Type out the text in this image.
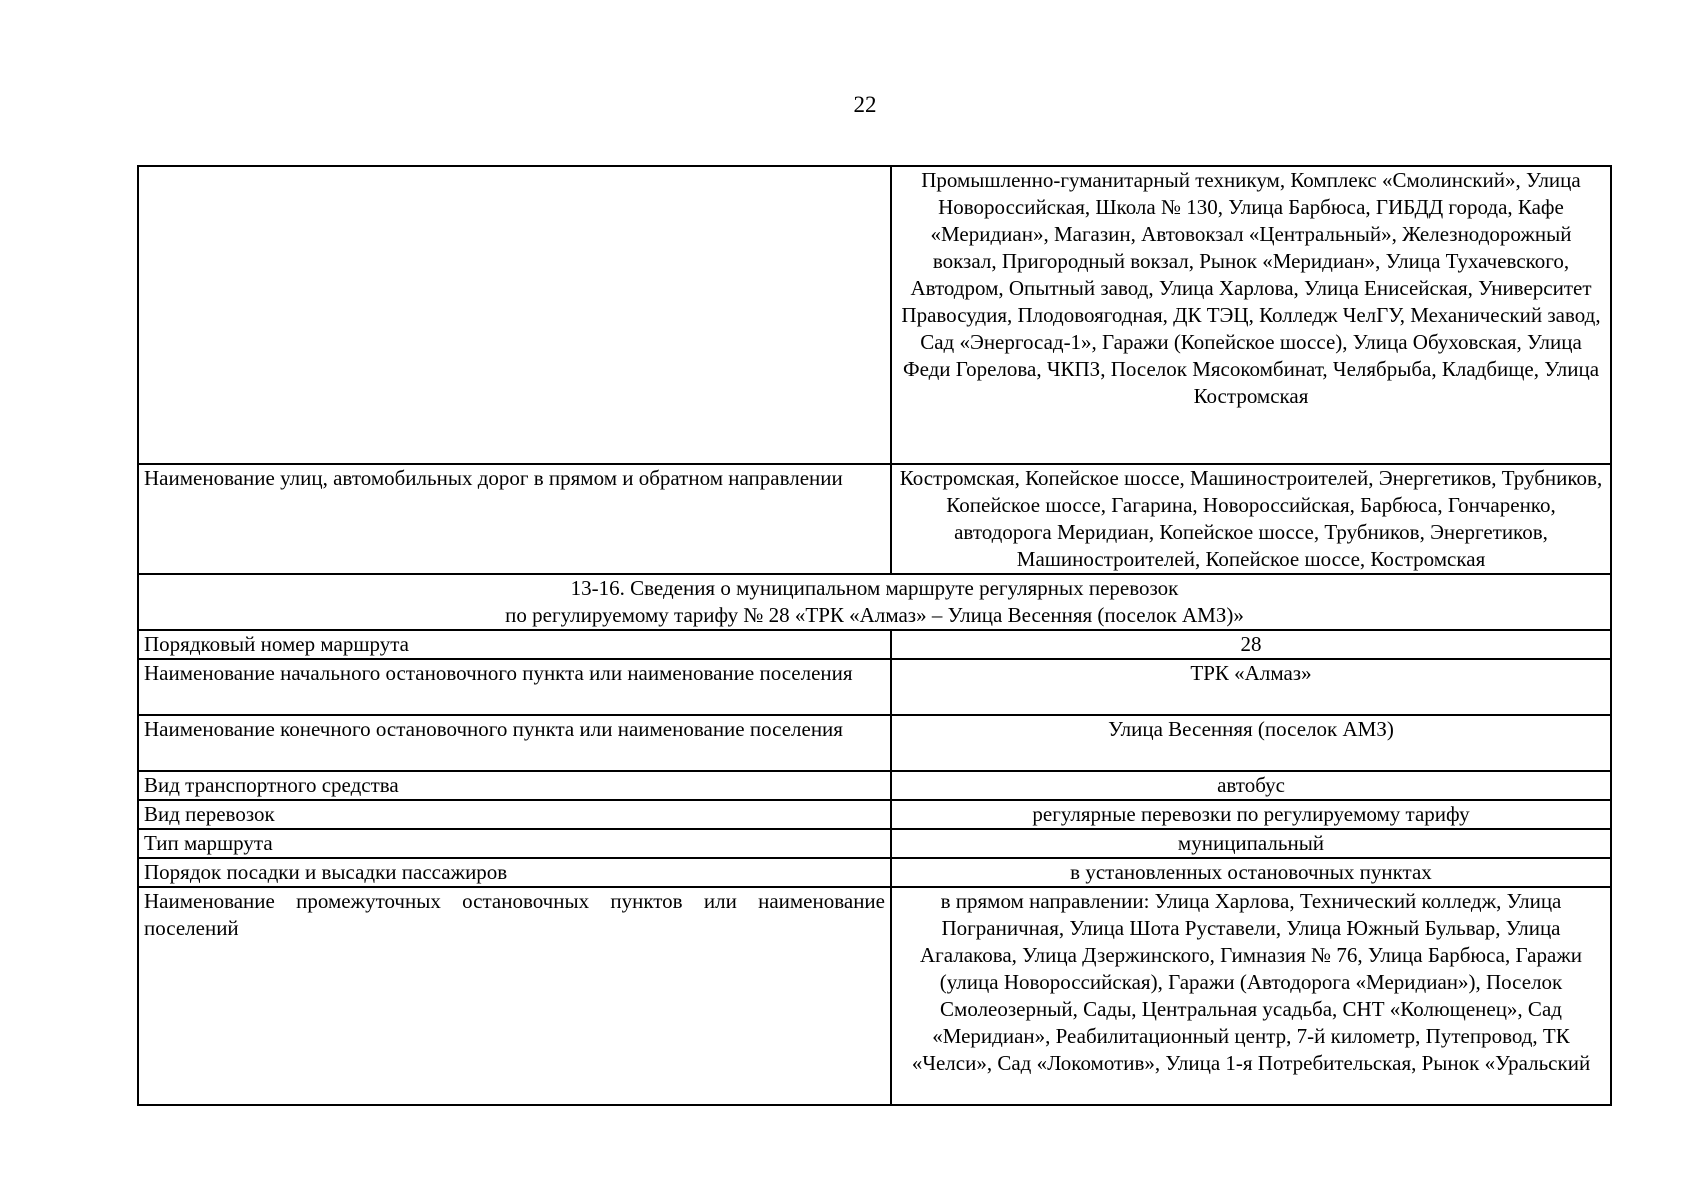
22
	Промышленно-гуманитарный техникум, Комплекс «Смолинский», Улица Новороссийская, Школа № 130, Улица Барбюса, ГИБДД города, Кафе «Меридиан», Магазин, Автовокзал «Центральный», Железнодорожный вокзал, Пригородный вокзал, Рынок «Меридиан», Улица Тухачевского, Автодром, Опытный завод, Улица Харлова, Улица Енисейская, Университет Правосудия, Плодовоягодная, ДК ТЭЦ, Колледж ЧелГУ, Механический завод, Сад «Энергосад-1», Гаражи (Копейское шоссе), Улица Обуховская, Улица Феди Горелова, ЧКПЗ, Поселок Мясокомбинат, Челябрыба, Кладбище, Улица Костромская
Наименование улиц, автомобильных дорог в прямом и обратном направлении	Костромская, Копейское шоссе, Машиностроителей, Энергетиков, Трубников, Копейское шоссе, Гагарина, Новороссийская, Барбюса, Гончаренко, автодорога Меридиан, Копейское шоссе, Трубников, Энергетиков, Машиностроителей, Копейское шоссе, Костромская

13-16. Сведения о муниципальном маршруте регулярных перевозок
по регулируемому тарифу № 28 «ТРК «Алмаз» – Улица Весенняя (поселок АМЗ)»	

Порядковый номер маршрута	28
Наименование начального остановочного пункта или наименование поселения	ТРК «Алмаз»
Наименование конечного остановочного пункта или наименование поселения	Улица Весенняя (поселок АМЗ)
Вид транспортного средства	автобус
Вид перевозок	регулярные перевозки по регулируемому тарифу
Тип маршрута	муниципальный
Порядок посадки и высадки пассажиров	в установленных остановочных пунктах
Наименование промежуточных остановочных пунктов или наименование поселений	в прямом направлении: Улица Харлова, Технический колледж, Улица Пограничная, Улица Шота Руставели, Улица Южный Бульвар, Улица Агалакова, Улица Дзержинского, Гимназия № 76, Улица Барбюса, Гаражи (улица Новороссийская), Гаражи (Автодорога «Меридиан»), Поселок Смолеозерный, Сады, Центральная усадьба, СНТ «Колющенец», Сад «Меридиан», Реабилитационный центр, 7-й километр, Путепровод, ТК «Челси», Сад «Локомотив», Улица 1-я Потребительская, Рынок «Уральский
